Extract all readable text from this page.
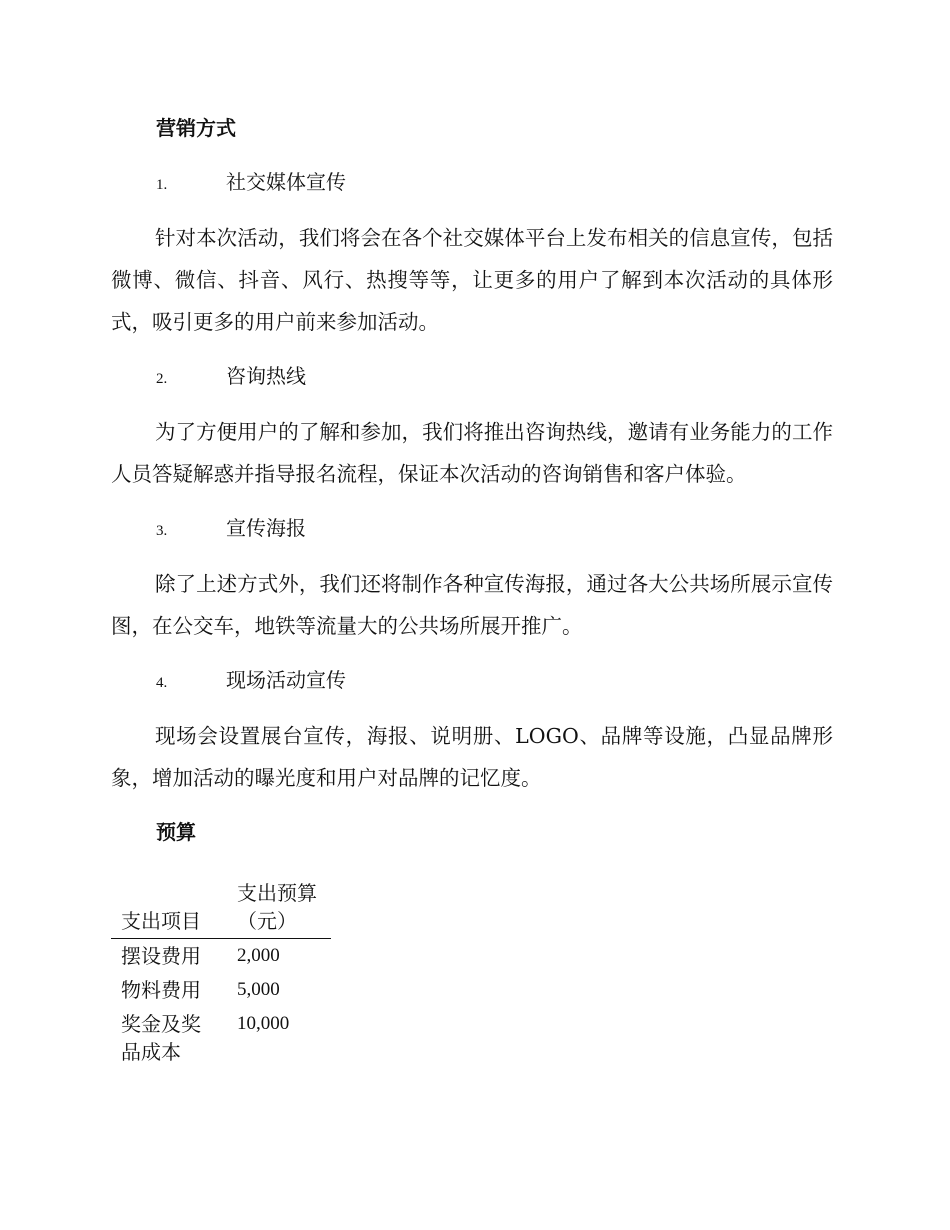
营销方式
1.	社交媒体宣传

针对本次活动，我们将会在各个社交媒体平台上发布相关的信息宣传，包括微博、微信、抖音、风行、热搜等等，让更多的用户了解到本次活动的具体形式，吸引更多的用户前来参加活动。

2.	咨询热线

为了方便用户的了解和参加，我们将推出咨询热线，邀请有业务能力的工作人员答疑解惑并指导报名流程，保证本次活动的咨询销售和客户体验。

3.	宣传海报

除了上述方式外，我们还将制作各种宣传海报，通过各大公共场所展示宣传图，在公交车，地铁等流量大的公共场所展开推广。

4.	现场活动宣传

现场会设置展台宣传，海报、说明册、LOGO、品牌等设施，凸显品牌形象，增加活动的曝光度和用户对品牌的记忆度。

预算
支出项目	支出预算（元）
摆设费用	2,000
物料费用	5,000
奖金及奖品成本	10,000
